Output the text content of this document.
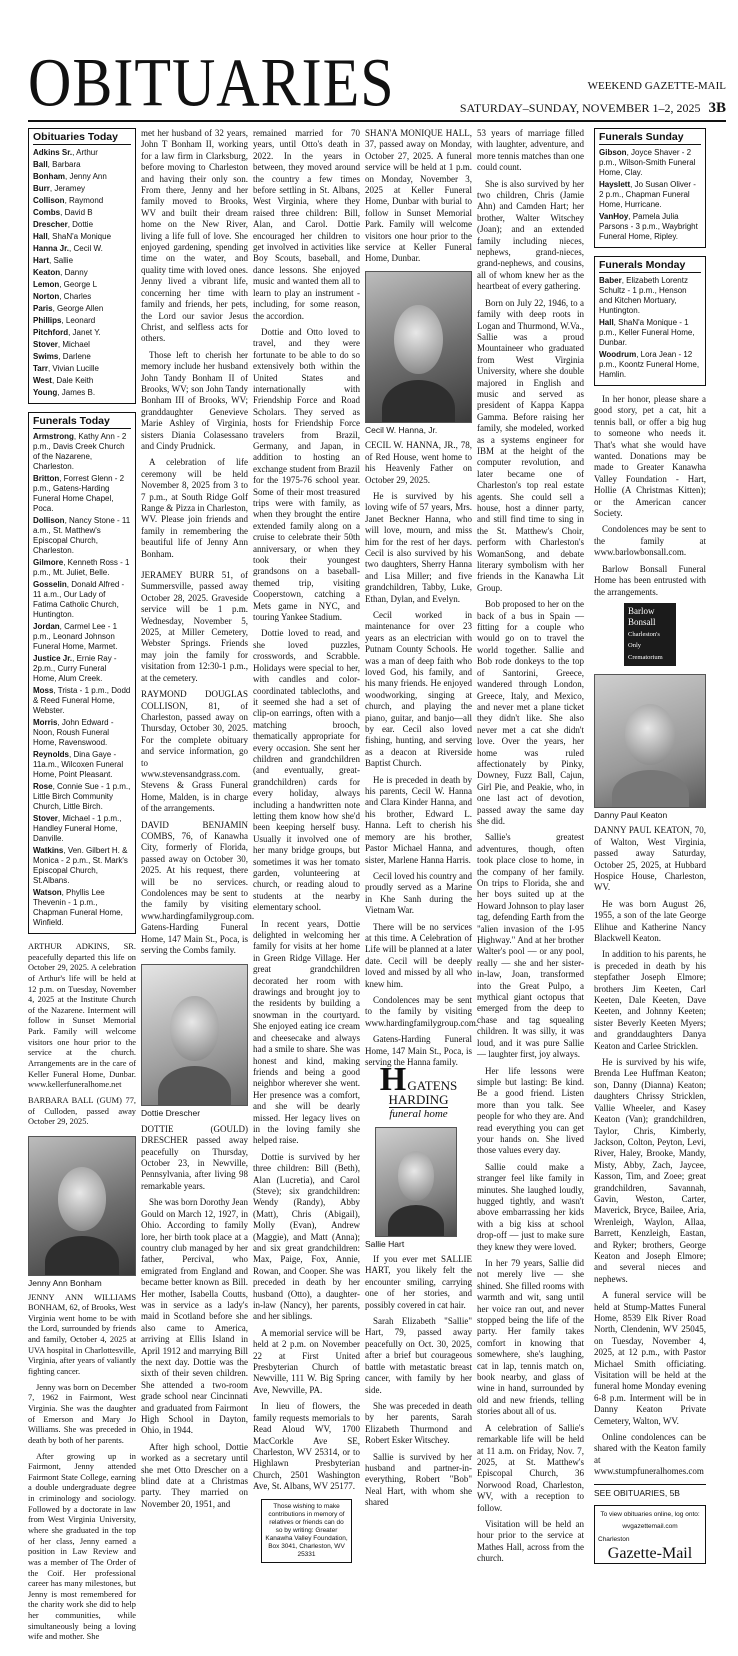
OBITUARIES	WEEKEND GAZETTE-MAIL
SATURDAY–SUNDAY, NOVEMBER 1–2, 2025 3B
Obituaries Today
Adkins Sr., Arthur
Ball, Barbara
Bonham, Jenny Ann
Burr, Jeramey
Collison, Raymond
Combs, David B
Drescher, Dottie
Hall, ShaN'a Monique
Hanna Jr., Cecil W.
Hart, Sallie
Keaton, Danny
Lemon, George L
Norton, Charles
Paris, George Allen
Phillips, Leonard
Pitchford, Janet Y.
Stover, Michael
Swims, Darlene
Tarr, Vivian Lucille
West, Dale Keith
Young, James B.
Funerals Today
Armstrong, Kathy Ann - 2 p.m., Davis Creek Church of the Nazarene, Charleston.
Britton, Forrest Glenn - 2 p.m., Gatens-Harding Funeral Home Chapel, Poca.
Dollison, Nancy Stone - 11 a.m., St. Matthew's Episcopal Church, Charleston.
Gilmore, Kenneth Ross - 1 p.m., Mt. Juliet, Belle.
Gosselin, Donald Alfred - 11 a.m., Our Lady of Fatima Catholic Church, Huntington.
Jordan, Carmel Lee - 1 p.m., Leonard Johnson Funeral Home, Marmet.
Justice Jr., Ernie Ray - 2p.m., Curry Funeral Home, Alum Creek.
Moss, Trista - 1 p.m., Dodd & Reed Funeral Home, Webster.
Morris, John Edward - Noon, Roush Funeral Home, Ravenswood.
Reynolds, Dina Gaye - 11a.m., Wilcoxen Funeral Home, Point Pleasant.
Rose, Connie Sue - 1 p.m., Little Birch Community Church, Little Birch.
Stover, Michael - 1 p.m., Handley Funeral Home, Danville.
Watkins, Ven. Gilbert H. & Monica - 2 p.m., St. Mark's Episcopal Church, St.Albans.
Watson, Phyllis Lee Thevenin - 1 p.m., Chapman Funeral Home, Winfield.

ARTHUR ADKINS, SR. peacefully departed this life on October 29, 2025. A celebration of Arthur's life will be held at 12 p.m. on Tuesday, November 4, 2025 at the Institute Church of the Nazarene. Interment will follow in Sunset Memorial Park. Family will welcome visitors one hour prior to the service at the church. Arrangements are in the care of Keller Funeral Home, Dunbar. www.kellerfuneralhome.net

BARBARA BALL (GUM) 77, of Culloden, passed away October 29, 2025.

Jenny Ann Bonham

JENNY ANN WILLIAMS BONHAM, 62, of Brooks, West Virginia went home to be with the Lord, surrounded by friends and family, October 4, 2025 at UVA hospital in Charlottesville, Virginia, after years of valiantly fighting cancer.

Jenny was born on December 7, 1962 in Fairmont, West Virginia. She was the daughter of Emerson and Mary Jo Williams. She was preceded in death by both of her parents.

After growing up in Fairmont, Jenny attended Fairmont State College, earning a double undergraduate degree in criminology and sociology. Followed by a doctorate in law from West Virginia University, where she graduated in the top of her class, Jenny earned a position in Law Review and was a member of The Order of the Coif. Her professional career has many milestones, but Jenny is most remembered for the charity work she did to help her communities, while simultaneously being a loving wife and mother. She

met her husband of 32 years, John T Bonham II, working for a law firm in Clarksburg, before moving to Charleston and having their only son. From there, Jenny and her family moved to Brooks, WV and built their dream home on the New River, living a life full of love. She enjoyed gardening, spending time on the water, and quality time with loved ones. Jenny lived a vibrant life, concerning her time with family and friends, her pets, the Lord our savior Jesus Christ, and selfless acts for others.

Those left to cherish her memory include her husband John Tandy Bonham II of Brooks, WV; son John Tandy Bonham III of Brooks, WV; granddaughter Genevieve Marie Ashley of Virginia, sisters Diania Colasessano and Cindy Prudnick.

A celebration of life ceremony will be held November 8, 2025 from 3 to 7 p.m., at South Ridge Golf Range & Pizza in Charleston, WV. Please join friends and family in remembering the beautiful life of Jenny Ann Bonham.

JERAMEY BURR 51, of Summersville, passed away October 28, 2025. Graveside service will be 1 p.m. Wednesday, November 5, 2025, at Miller Cemetery, Webster Springs. Friends may join the family for visitation from 12:30-1 p.m., at the cemetery.

RAYMOND DOUGLAS COLLISON, 81, of Charleston, passed away on Thursday, October 30, 2025. For the complete obituary and service information, go to www.stevensandgrass.com. Stevens & Grass Funeral Home, Malden, is in charge of the arrangements.

DAVID BENJAMIN COMBS, 76, of Kanawha City, formerly of Florida, passed away on October 30, 2025. At his request, there will be no services. Condolences may be sent to the family by visiting www.hardingfamilygroup.com. Gatens-Harding Funeral Home, 147 Main St., Poca, is serving the Combs family.

Dottie Drescher

DOTTIE (GOULD) DRESCHER passed away peacefully on Thursday, October 23, in Newville, Pennsylvania, after living 98 remarkable years.

She was born Dorothy Jean Gould on March 12, 1927, in Ohio. According to family lore, her birth took place at a country club managed by her father, Percival, who emigrated from England and became better known as Bill. Her mother, Isabella Coutts, was in service as a lady's maid in Scotland before she also came to America, arriving at Ellis Island in April 1912 and marrying Bill the next day. Dottie was the sixth of their seven children. She attended a two-room grade school near Cincinnati and graduated from Fairmont High School in Dayton, Ohio, in 1944.

After high school, Dottie worked as a secretary until she met Otto Drescher on a blind date at a Christmas party. They married on November 20, 1951, and

remained married for 70 years, until Otto's death in 2022. In the years in between, they moved around the country a few times before settling in St. Albans, West Virginia, where they raised three children: Bill, Alan, and Carol. Dottie encouraged her children to get involved in activities like Boy Scouts, baseball, and dance lessons. She enjoyed music and wanted them all to learn to play an instrument - including, for some reason, the accordion.

Dottie and Otto loved to travel, and they were fortunate to be able to do so extensively both within the United States and internationally with Friendship Force and Road Scholars. They served as hosts for Friendship Force travelers from Brazil, Germany, and Japan, in addition to hosting an exchange student from Brazil for the 1975-76 school year. Some of their most treasured trips were with family, as when they brought the entire extended family along on a cruise to celebrate their 50th anniversary, or when they took their youngest grandsons on a baseball-themed trip, visiting Cooperstown, catching a Mets game in NYC, and touring Yankee Stadium.

Dottie loved to read, and she loved puzzles, crosswords, and Scrabble. Holidays were special to her, with candles and color-coordinated tablecloths, and it seemed she had a set of clip-on earrings, often with a matching brooch, thematically appropriate for every occasion. She sent her children and grandchildren (and eventually, great-grandchildren) cards for every holiday, always including a handwritten note letting them know how she'd been keeping herself busy. Usually it involved one of her many bridge groups, but sometimes it was her tomato garden, volunteering at church, or reading aloud to students at the nearby elementary school.

In recent years, Dottie delighted in welcoming her family for visits at her home in Green Ridge Village. Her great grandchildren decorated her room with drawings and brought joy to the residents by building a snowman in the courtyard. She enjoyed eating ice cream and cheesecake and always had a smile to share. She was honest and kind, making friends and being a good neighbor wherever she went. Her presence was a comfort, and she will be dearly missed. Her legacy lives on in the loving family she helped raise.

Dottie is survived by her three children: Bill (Beth), Alan (Lucretia), and Carol (Steve); six grandchildren: Wendy (Randy), Abby (Matt), Chris (Abigail), Molly (Evan), Andrew (Maggie), and Matt (Anna); and six great grandchildren: Max, Paige, Fox, Annie, Rowan, and Cooper. She was preceded in death by her husband (Otto), a daughter-in-law (Nancy), her parents, and her siblings.

A memorial service will be held at 2 p.m. on November 22 at First United Presbyterian Church of Newville, 111 W. Big Spring Ave, Newville, PA.

In lieu of flowers, the family requests memorials to Read Aloud WV, 1700 MacCorkle Ave SE, Charleston, WV 25314, or to Highlawn Presbyterian Church, 2501 Washington Ave, St. Albans, WV 25177.

Those wishing to make contributions in memory of relatives or friends can do so by writing: Greater Kanawha Valley Foundation, Box 3041, Charleston, WV 25331

SHAN'A MONIQUE HALL, 37, passed away on Monday, October 27, 2025. A funeral service will be held at 1 p.m. on Monday, November 3, 2025 at Keller Funeral Home, Dunbar with burial to follow in Sunset Memorial Park. Family will welcome visitors one hour prior to the service at Keller Funeral Home, Dunbar.

Cecil W. Hanna, Jr.

CECIL W. HANNA, JR., 78, of Red House, went home to his Heavenly Father on October 29, 2025.

He is survived by his loving wife of 57 years, Mrs. Janet Beckner Hanna, who will love, mourn, and miss him for the rest of her days. Cecil is also survived by his two daughters, Sherry Hanna and Lisa Miller; and five grandchildren, Tabby, Luke, Ethan, Dylan, and Evelyn.

Cecil worked in maintenance for over 23 years as an electrician with Putnam County Schools. He was a man of deep faith who loved God, his family, and his many friends. He enjoyed woodworking, singing at church, and playing the piano, guitar, and banjo—all by ear. Cecil also loved fishing, hunting, and serving as a deacon at Riverside Baptist Church.

He is preceded in death by his parents, Cecil W. Hanna and Clara Kinder Hanna, and his brother, Edward L. Hanna. Left to cherish his memory are his brother, Pastor Michael Hanna, and sister, Marlene Hanna Harris.

Cecil loved his country and proudly served as a Marine in Khe Sanh during the Vietnam War.

There will be no services at this time. A Celebration of Life will be planned at a later date. Cecil will be deeply loved and missed by all who knew him.

Condolences may be sent to the family by visiting www.hardingfamilygroup.com.

Gatens-Harding Funeral Home, 147 Main St., Poca, is serving the Hanna family.

H GATENS HARDING
funeral home
Sallie Hart

If you ever met SALLIE HART, you likely felt the encounter smiling, carrying one of her stories, and possibly covered in cat hair.

Sarah Elizabeth "Sallie" Hart, 79, passed away peacefully on Oct. 30, 2025, after a brief but courageous battle with metastatic breast cancer, with family by her side.

She was preceded in death by her parents, Sarah Elizabeth Thurmond and Robert Esker Witschey.

Sallie is survived by her husband and partner-in-everything, Robert "Bob" Neal Hart, with whom she shared

53 years of marriage filled with laughter, adventure, and more tennis matches than one could count.

She is also survived by her two children, Chris (Jamie Ahn) and Camden Hart; her brother, Walter Witschey (Joan); and an extended family including nieces, nephews, grand-nieces, grand-nephews, and cousins, all of whom knew her as the heartbeat of every gathering.

Born on July 22, 1946, to a family with deep roots in Logan and Thurmond, W.Va., Sallie was a proud Mountaineer who graduated from West Virginia University, where she double majored in English and music and served as president of Kappa Kappa Gamma. Before raising her family, she modeled, worked as a systems engineer for IBM at the height of the computer revolution, and later became one of Charleston's top real estate agents. She could sell a house, host a dinner party, and still find time to sing in the St. Matthew's Choir, perform with Charleston's WomanSong, and debate literary symbolism with her friends in the Kanawha Lit Group.

Bob proposed to her on the back of a bus in Spain — fitting for a couple who would go on to travel the world together. Sallie and Bob rode donkeys to the top of Santorini, Greece, wandered through London, Greece, Italy, and Mexico, and never met a plane ticket they didn't like. She also never met a cat she didn't love. Over the years, her home was ruled affectionately by Pinky, Downey, Fuzz Ball, Cajun, Girl Pie, and Peakie, who, in one last act of devotion, passed away the same day she did.

Sallie's greatest adventures, though, often took place close to home, in the company of her family. On trips to Florida, she and her boys suited up at the Howard Johnson to play laser tag, defending Earth from the "alien invasion of the I-95 Highway." And at her brother Walter's pool — or any pool, really — she and her sister-in-law, Joan, transformed into the Great Pulpo, a mythical giant octopus that emerged from the deep to chase and tag squealing children. It was silly, it was loud, and it was pure Sallie — laughter first, joy always.

Her life lessons were simple but lasting: Be kind. Be a good friend. Listen more than you talk. See people for who they are. And read everything you can get your hands on. She lived those values every day.

Sallie could make a stranger feel like family in minutes. She laughed loudly, hugged tightly, and wasn't above embarrassing her kids with a big kiss at school drop-off — just to make sure they knew they were loved.

In her 79 years, Sallie did not merely live — she shined. She filled rooms with warmth and wit, sang until her voice ran out, and never stopped being the life of the party. Her family takes comfort in knowing that somewhere, she's laughing, cat in lap, tennis match on, book nearby, and glass of wine in hand, surrounded by old and new friends, telling stories about all of us.

A celebration of Sallie's remarkable life will be held at 11 a.m. on Friday, Nov. 7, 2025, at St. Matthew's Episcopal Church, 36 Norwood Road, Charleston, WV, with a reception to follow.

Visitation will be held an hour prior to the service at Mathes Hall, across from the church.

Funerals Sunday
Gibson, Joyce Shaver - 2 p.m., Wilson-Smith Funeral Home, Clay.
Hayslett, Jo Susan Oliver - 2 p.m., Chapman Funeral Home, Hurricane.
VanHoy, Pamela Julia Parsons - 3 p.m., Waybright Funeral Home, Ripley.
Funerals Monday
Baber, Elizabeth Lorentz Schultz - 1 p.m., Henson and Kitchen Mortuary, Huntington.
Hall, ShaN'a Monique - 1 p.m., Keller Funeral Home, Dunbar.
Woodrum, Lora Jean - 12 p.m., Koontz Funeral Home, Hamlin.

In her honor, please share a good story, pet a cat, hit a tennis ball, or offer a big hug to someone who needs it. That's what she would have wanted. Donations may be made to Greater Kanawha Valley Foundation - Hart, Hollie (A Christmas Kitten); or the American cancer Society.

Condolences may be sent to the family at www.barlowbonsall.com.

Barlow Bonsall Funeral Home has been entrusted with the arrangements.

Barlow Bonsall
Charleston's Only Crematorium
Danny Paul Keaton

DANNY PAUL KEATON, 70, of Walton, West Virginia, passed away Saturday, October 25, 2025, at Hubbard Hospice House, Charleston, WV.

He was born August 26, 1955, a son of the late George Elihue and Katherine Nancy Blackwell Keaton.

In addition to his parents, he is preceded in death by his stepfather Joseph Elmore; brothers Jim Keeten, Carl Keeten, Dale Keeten, Dave Keeten, and Johnny Keeten; sister Beverly Keeten Myers; and granddaughters Danya Keaton and Carlee Stricklen.

He is survived by his wife, Brenda Lee Huffman Keaton; son, Danny (Dianna) Keaton; daughters Chrissy Stricklen, Vallie Wheeler, and Kasey Keaton (Van); grandchildren, Taylor, Chris, Kimberly, Jackson, Colton, Peyton, Levi, River, Haley, Brooke, Mandy, Misty, Abby, Zach, Jaycee, Kasson, Tim, and Zoee; great grandchildren, Savannah, Gavin, Weston, Carter, Maverick, Bryce, Bailee, Aria, Wrenleigh, Waylon, Allaa, Barrett, Kenzleigh, Eastan, and Ryker; brothers, George Keaton and Joseph Elmore; and several nieces and nephews.

A funeral service will be held at Stump-Mattes Funeral Home, 8539 Elk River Road North, Clendenin, WV 25045, on Tuesday, November 4, 2025, at 12 p.m., with Pastor Michael Smith officiating. Visitation will be held at the funeral home Monday evening 6-8 p.m. Interment will be in Danny Keaton Private Cemetery, Walton, WV.

Online condolences can be shared with the Keaton family at www.stumpfuneralhomes.com

SEE OBITUARIES, 5B
To view obituaries online, log onto: wvgazettemail.com
Charleston
Gazette-Mail
